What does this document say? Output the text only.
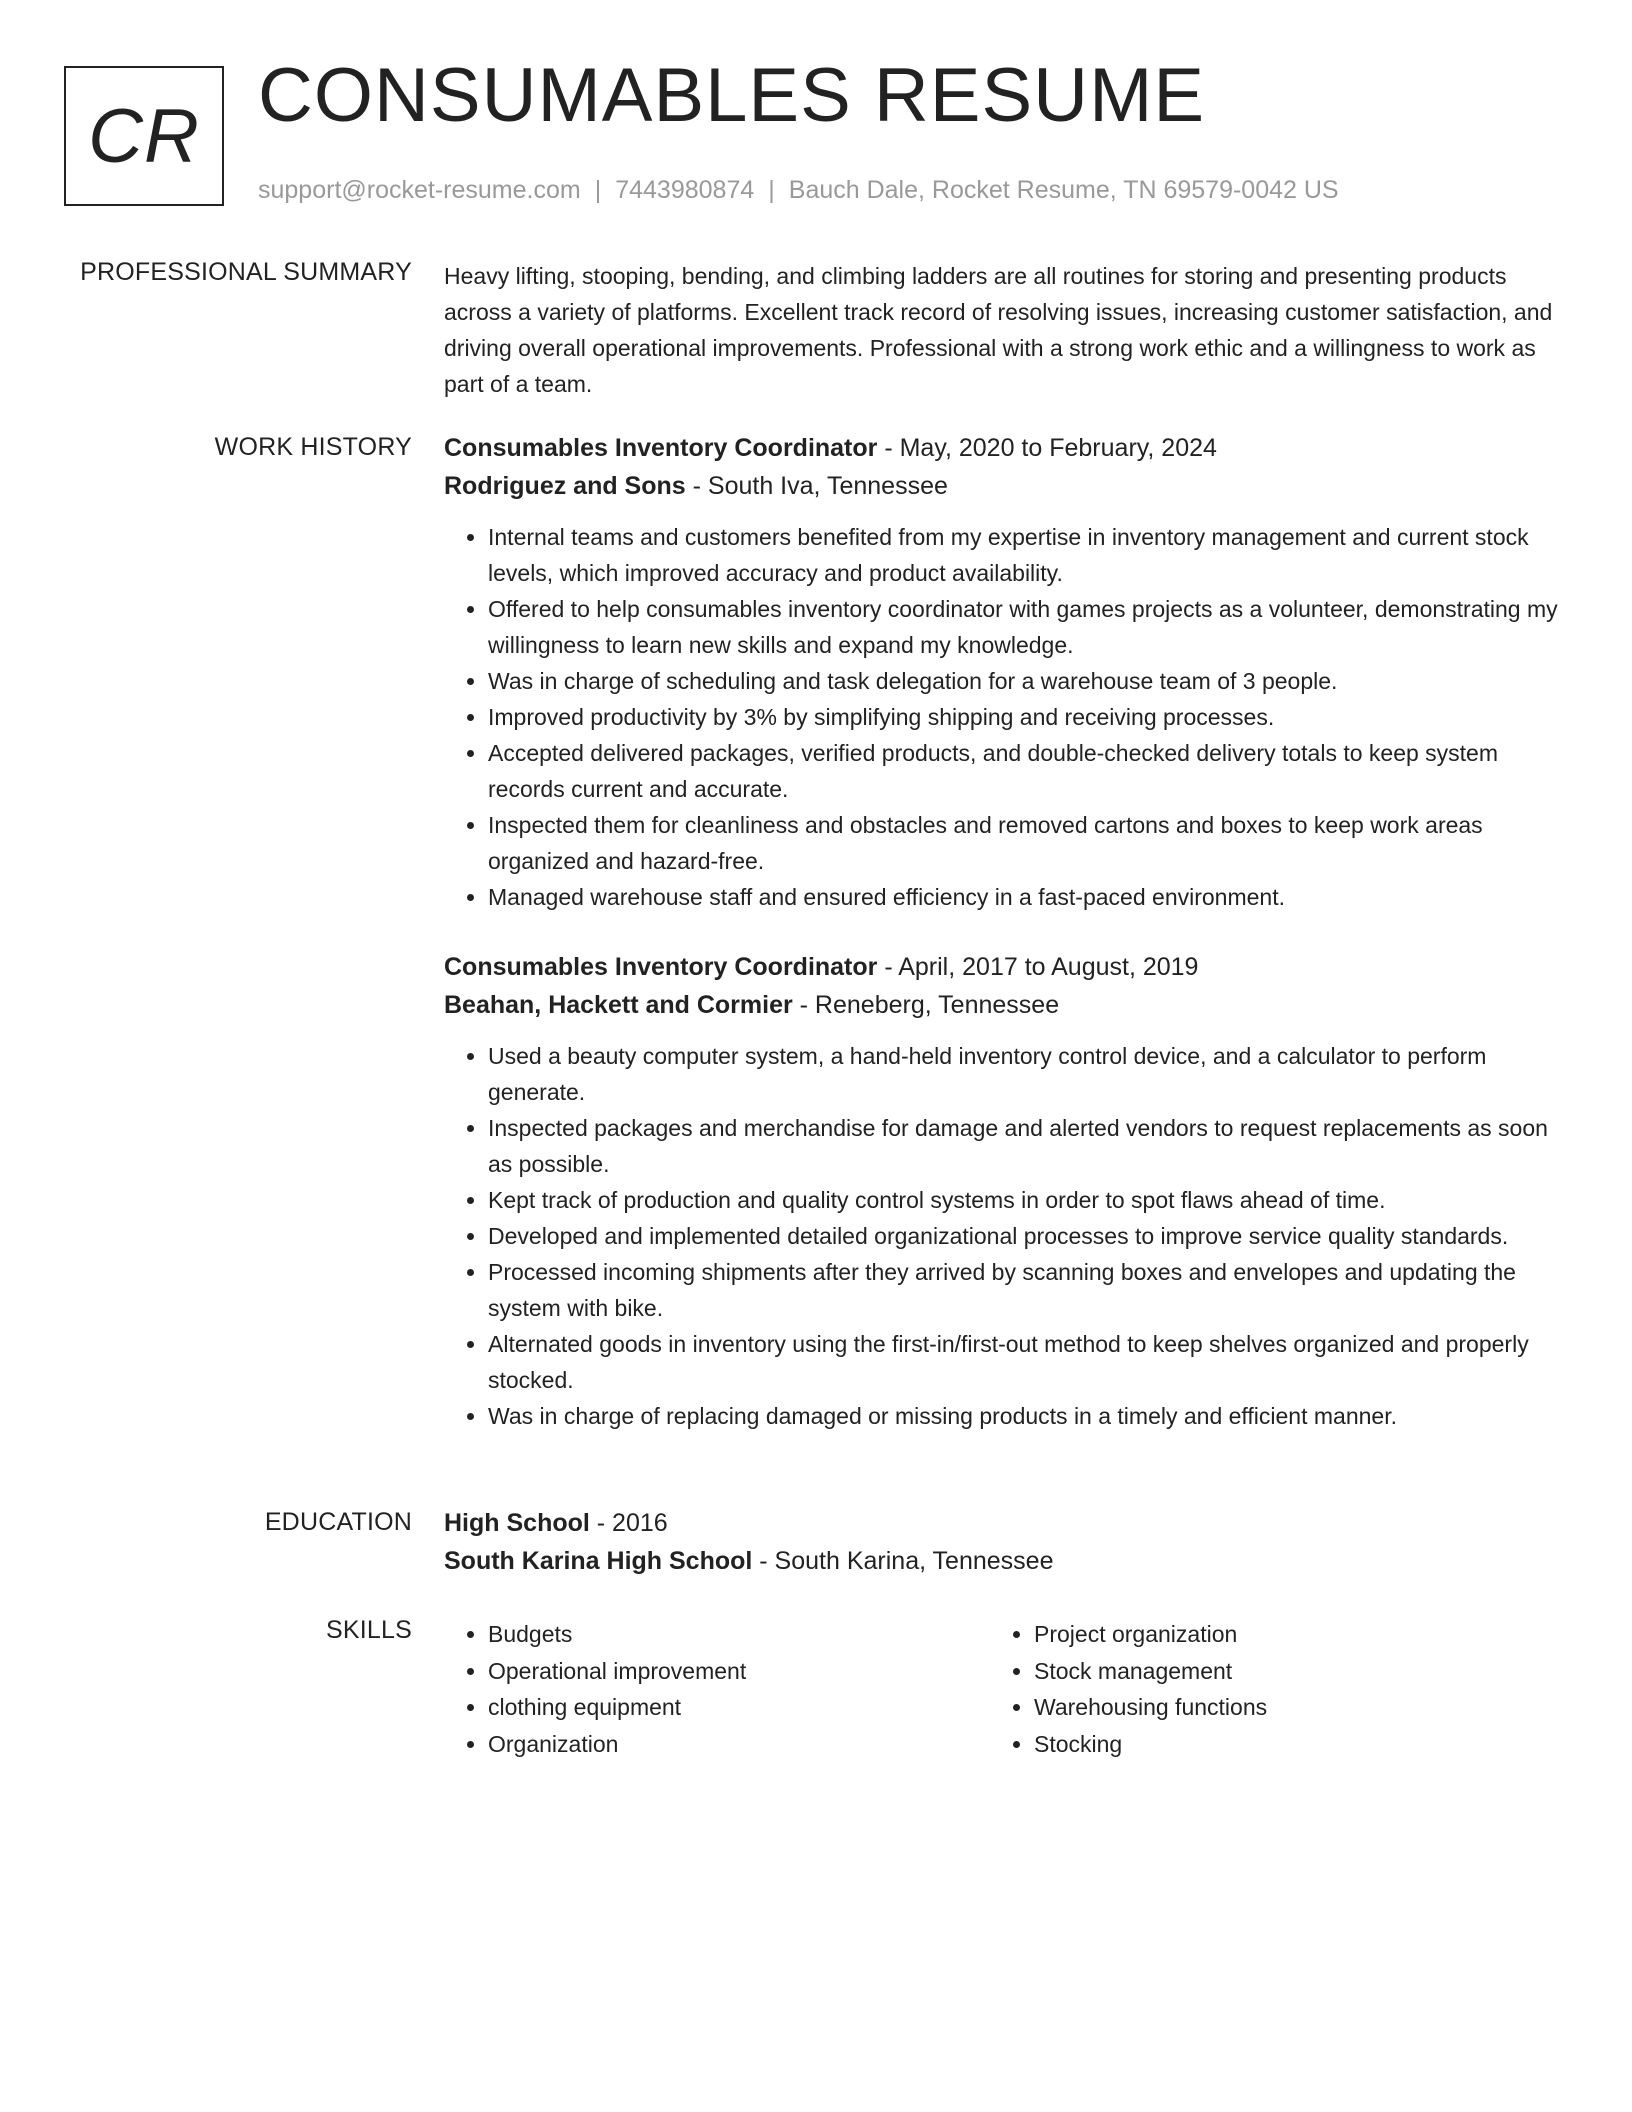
CR CONSUMABLES RESUME
support@rocket-resume.com | 7443980874 | Bauch Dale, Rocket Resume, TN 69579-0042 US
PROFESSIONAL SUMMARY Heavy lifting, stooping, bending, and climbing ladders are all routines for storing and presenting products across a variety of platforms. Excellent track record of resolving issues, increasing customer satisfaction, and driving overall operational improvements. Professional with a strong work ethic and a willingness to work as part of a team.

WORK HISTORY Consumables Inventory Coordinator - May, 2020 to February, 2024

Rodriguez and Sons - South Iva, Tennessee

• Internal teams and customers benefited from my expertise in inventory management and current stock levels, which improved accuracy and product availability.
• Offered to help consumables inventory coordinator with games projects as a volunteer, demonstrating my willingness to learn new skills and expand my knowledge.
• Was in charge of scheduling and task delegation for a warehouse team of 3 people.
• Improved productivity by 3% by simplifying shipping and receiving processes.
• Accepted delivered packages, verified products, and double-checked delivery totals to keep system records current and accurate.
• Inspected them for cleanliness and obstacles and removed cartons and boxes to keep work areas organized and hazard-free.
• Managed warehouse staff and ensured efficiency in a fast-paced environment.

Consumables Inventory Coordinator - April, 2017 to August, 2019

Beahan, Hackett and Cormier - Reneberg, Tennessee

• Used a beauty computer system, a hand-held inventory control device, and a calculator to perform generate.
• Inspected packages and merchandise for damage and alerted vendors to request replacements as soon as possible.
• Kept track of production and quality control systems in order to spot flaws ahead of time.
• Developed and implemented detailed organizational processes to improve service quality standards.
• Processed incoming shipments after they arrived by scanning boxes and envelopes and updating the system with bike.
• Alternated goods in inventory using the first-in/first-out method to keep shelves organized and properly stocked.
• Was in charge of replacing damaged or missing products in a timely and efficient manner.
EDUCATION High School - 2016

South Karina High School - South Karina, Tennessee

SKILLS
•	Budgets
• Operational improvement
• clothing equipment
• Organization
• Project organization
• Stock management
• Warehousing functions
• Stocking
